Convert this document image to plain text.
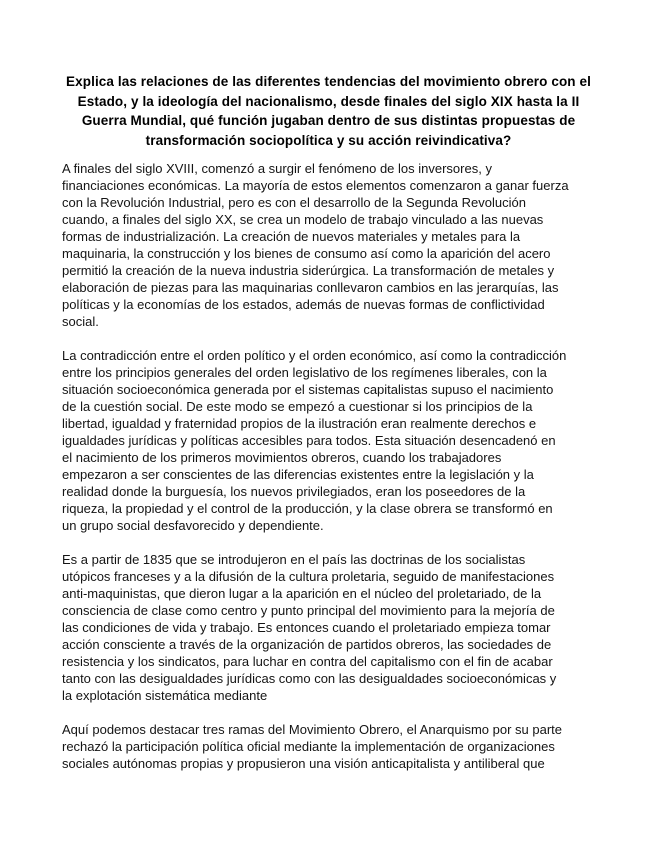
Explica las relaciones de las diferentes tendencias del movimiento obrero con el
Estado, y la ideología del nacionalismo, desde finales del siglo XIX hasta la II
Guerra Mundial, qué función jugaban dentro de sus distintas propuestas de
transformación sociopolítica y su acción reivindicativa?
A finales del siglo XVIII, comenzó a surgir el fenómeno de los inversores, y
financiaciones económicas. La mayoría de estos elementos comenzaron a ganar fuerza
con la Revolución Industrial, pero es con el desarrollo de la Segunda Revolución
cuando, a finales del siglo XX, se crea un modelo de trabajo vinculado a las nuevas
formas de industrialización. La creación de nuevos materiales y metales para la
maquinaria, la construcción y los bienes de consumo así como la aparición del acero
permitió la creación de la nueva industria siderúrgica. La transformación de metales y
elaboración de piezas para las maquinarias conllevaron cambios en las jerarquías, las
políticas y la economías de los estados, además de nuevas formas de conflictividad
social.
La contradicción entre el orden político y el orden económico, así como la contradicción
entre los principios generales del orden legislativo de los regímenes liberales, con la
situación socioeconómica generada por el sistemas capitalistas supuso el nacimiento
de la cuestión social. De este modo se empezó a cuestionar si los principios de la
libertad, igualdad y fraternidad propios de la ilustración eran realmente derechos e
igualdades jurídicas y políticas accesibles para todos. Esta situación desencadenó en
el nacimiento de los primeros movimientos obreros, cuando los trabajadores
empezaron a ser conscientes de las diferencias existentes entre la legislación y la
realidad donde la burguesía, los nuevos privilegiados, eran los poseedores de la
riqueza, la propiedad y el control de la producción, y la clase obrera se transformó en
un grupo social desfavorecido y dependiente.
Es a partir de 1835 que se introdujeron en el país las doctrinas de los socialistas
utópicos franceses y a la difusión de la cultura proletaria, seguido de manifestaciones
anti-maquinistas, que dieron lugar a la aparición en el núcleo del proletariado, de la
consciencia de clase como centro y punto principal del movimiento para la mejoría de
las condiciones de vida y trabajo. Es entonces cuando el proletariado empieza tomar
acción consciente a través de la organización de partidos obreros, las sociedades de
resistencia y los sindicatos, para luchar en contra del capitalismo con el fin de acabar
tanto con las desigualdades jurídicas como con las desigualdades socioeconómicas y
la explotación sistemática mediante
Aquí podemos destacar tres ramas del Movimiento Obrero, el Anarquismo por su parte
rechazó la participación política oficial mediante la implementación de organizaciones
sociales autónomas propias y propusieron una visión anticapitalista y antiliberal que
